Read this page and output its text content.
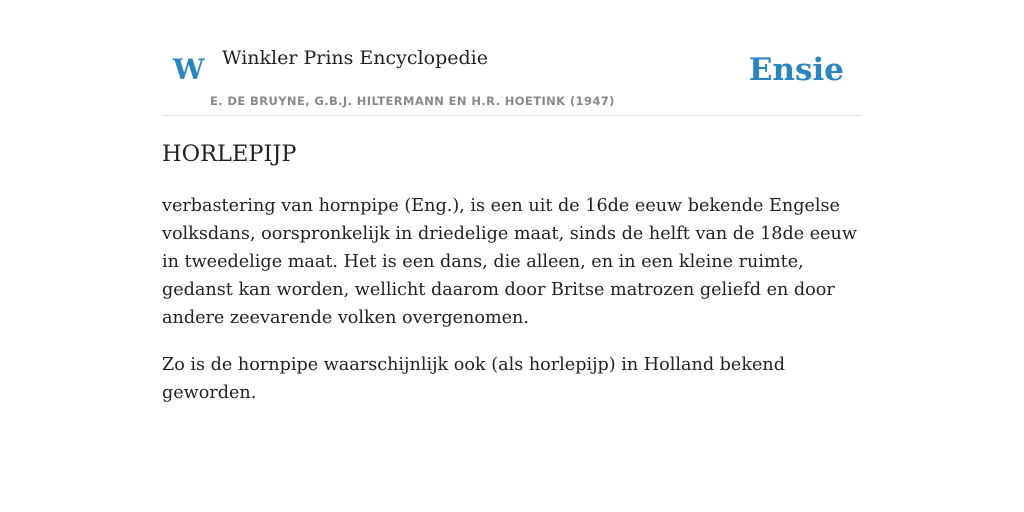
W Winkler Prins Encyclopedie
E. DE BRUYNE, G.B.J. HILTERMANN EN H.R. HOETINK (1947)
Ensie
HORLEPIJP

verbastering van hornpipe (Eng.), is een uit de 16de eeuw bekende Engelse volksdans, oorspronkelijk in driedelige maat, sinds de helft van de 18de eeuw in tweedelige maat. Het is een dans, die alleen, en in een kleine ruimte, gedanst kan worden, wellicht daarom door Britse matrozen geliefd en door andere zeevarende volken overgenomen.

Zo is de hornpipe waarschijnlijk ook (als horlepijp) in Holland bekend geworden.
